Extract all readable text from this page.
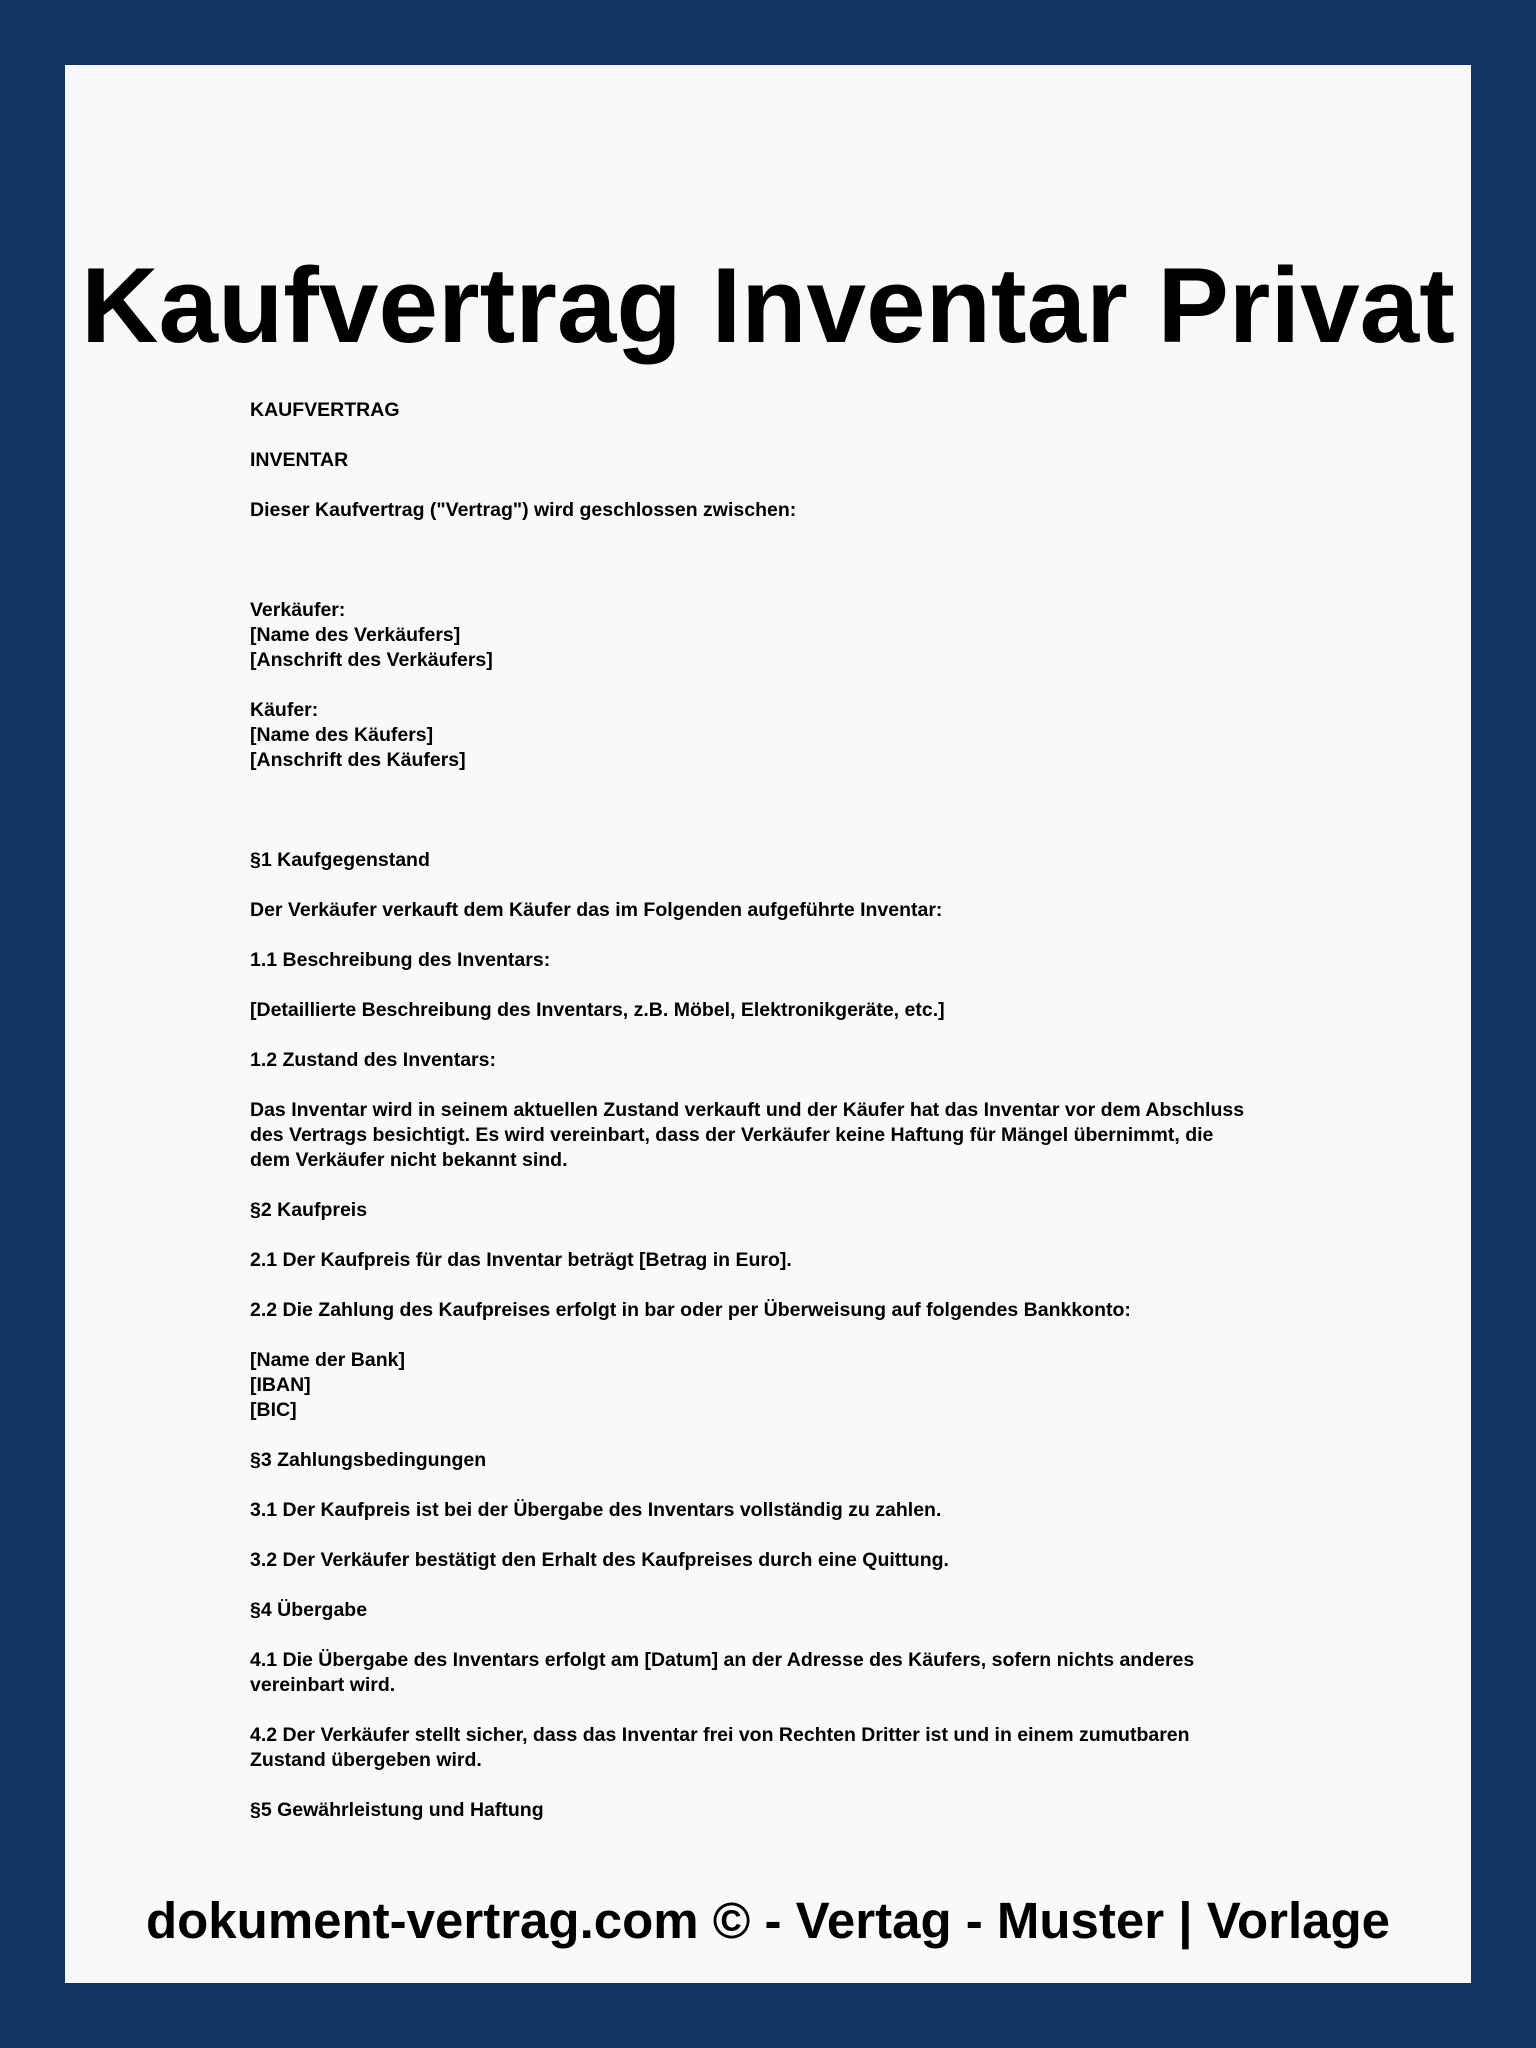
Kaufvertrag Inventar Privat

KAUFVERTRAG

INVENTAR

Dieser Kaufvertrag ("Vertrag") wird geschlossen zwischen:

Verkäufer:

[Name des Verkäufers]

[Anschrift des Verkäufers]

Käufer:

[Name des Käufers]

[Anschrift des Käufers]

§1 Kaufgegenstand

Der Verkäufer verkauft dem Käufer das im Folgenden aufgeführte Inventar:

1.1 Beschreibung des Inventars:

[Detaillierte Beschreibung des Inventars, z.B. Möbel, Elektronikgeräte, etc.]

1.2 Zustand des Inventars:

Das Inventar wird in seinem aktuellen Zustand verkauft und der Käufer hat das Inventar vor dem Abschluss

des Vertrags besichtigt. Es wird vereinbart, dass der Verkäufer keine Haftung für Mängel übernimmt, die

dem Verkäufer nicht bekannt sind.

§2 Kaufpreis

2.1 Der Kaufpreis für das Inventar beträgt [Betrag in Euro].

2.2 Die Zahlung des Kaufpreises erfolgt in bar oder per Überweisung auf folgendes Bankkonto:

[Name der Bank]

[IBAN]

[BIC]

§3 Zahlungsbedingungen

3.1 Der Kaufpreis ist bei der Übergabe des Inventars vollständig zu zahlen.

3.2 Der Verkäufer bestätigt den Erhalt des Kaufpreises durch eine Quittung.

§4 Übergabe

4.1 Die Übergabe des Inventars erfolgt am [Datum] an der Adresse des Käufers, sofern nichts anderes

vereinbart wird.

4.2 Der Verkäufer stellt sicher, dass das Inventar frei von Rechten Dritter ist und in einem zumutbaren

Zustand übergeben wird.

§5 Gewährleistung und Haftung

dokument-vertrag.com © - Vertag - Muster | Vorlage
